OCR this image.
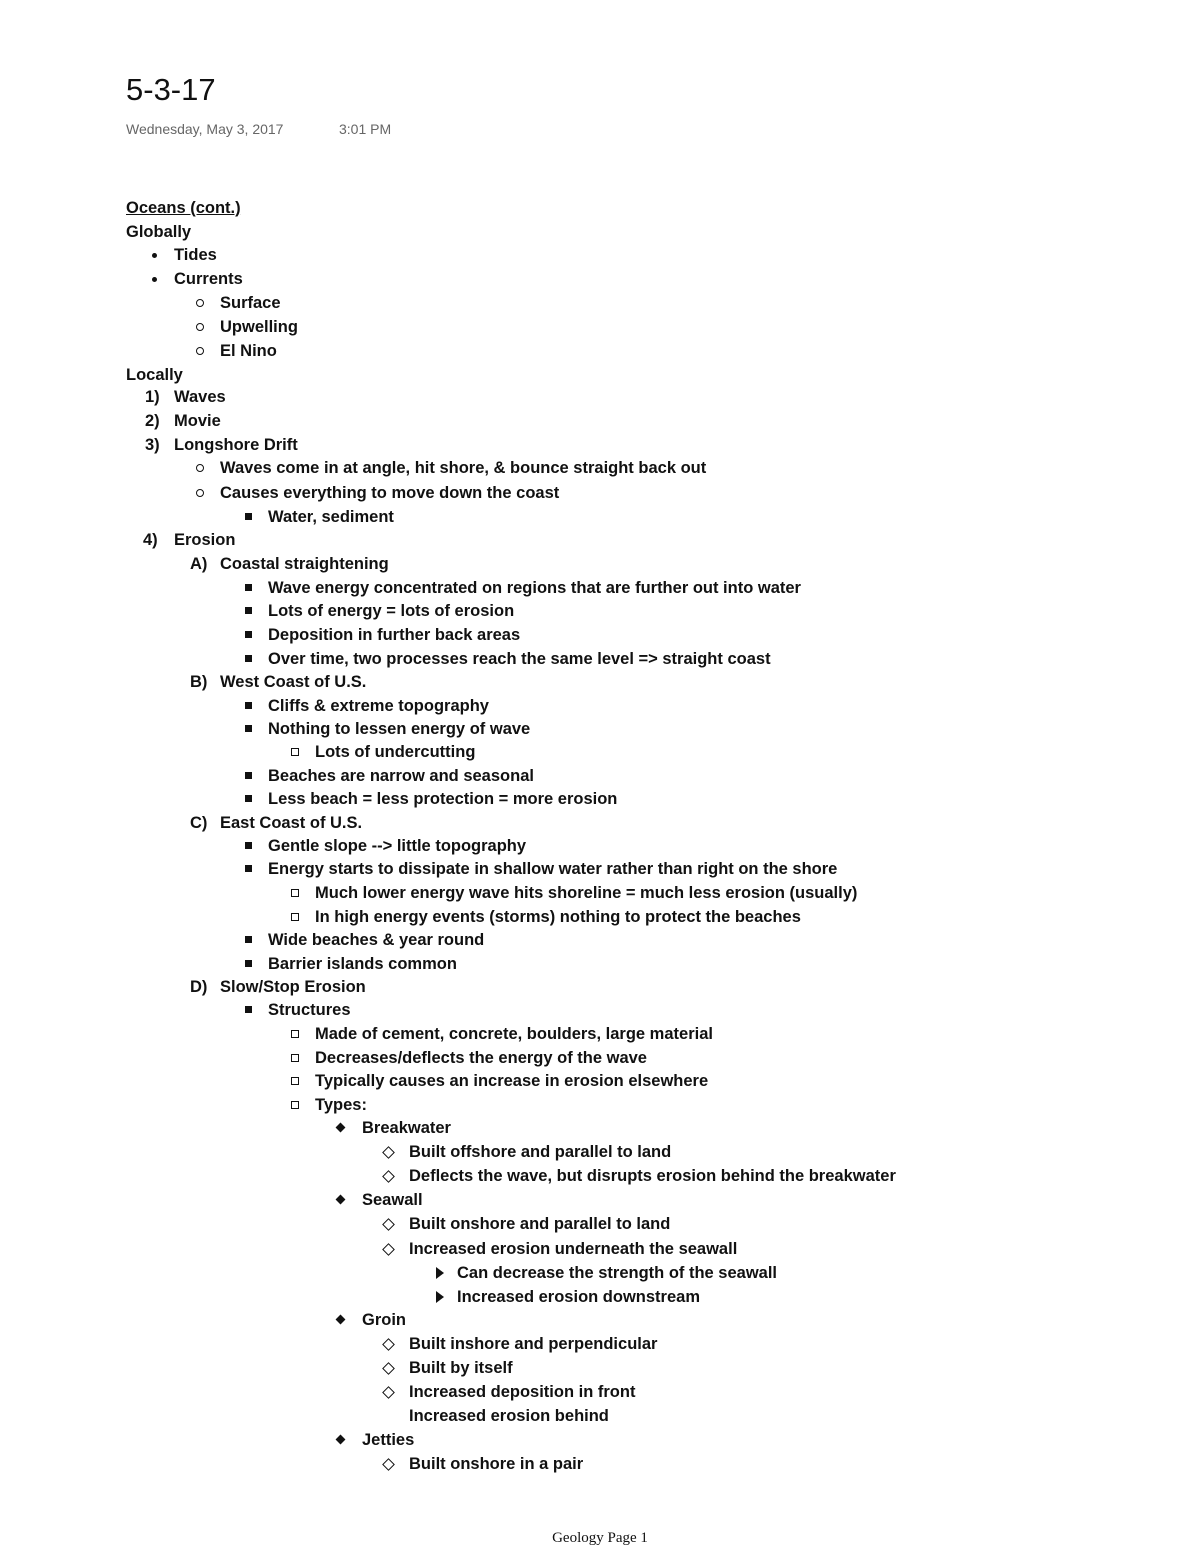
5-3-17
Wednesday, May 3, 2017	3:01 PM
Oceans (cont.)
Globally
Tides
Currents
Surface
Upwelling
El Nino
Locally
1) Waves
2) Movie
3) Longshore Drift
Waves come in at angle, hit shore, & bounce straight back out
Causes everything to move down the coast
Water, sediment
4) Erosion
A) Coastal straightening
Wave energy concentrated on regions that are further out into water
Lots of energy = lots of erosion
Deposition in further back areas
Over time, two processes reach the same level => straight coast
B) West Coast of U.S.
Cliffs & extreme topography
Nothing to lessen energy of wave
Lots of undercutting
Beaches are narrow and seasonal
Less beach = less protection = more erosion
C) East Coast of U.S.
Gentle slope --> little topography
Energy starts to dissipate in shallow water rather than right on the shore
Much lower energy wave hits shoreline = much less erosion (usually)
In high energy events (storms) nothing to protect the beaches
Wide beaches & year round
Barrier islands common
D) Slow/Stop Erosion
Structures
Made of cement, concrete, boulders, large material
Decreases/deflects the energy of the wave
Typically causes an increase in erosion elsewhere
Types:
Breakwater
Built offshore and parallel to land
Deflects the wave, but disrupts erosion behind the breakwater
Seawall
Built onshore and parallel to land
Increased erosion underneath the seawall
Can decrease the strength of the seawall
Increased erosion downstream
Groin
Built inshore and perpendicular
Built by itself
Increased deposition in front
Increased erosion behind
Jetties
Built onshore in a pair
Geology Page 1
